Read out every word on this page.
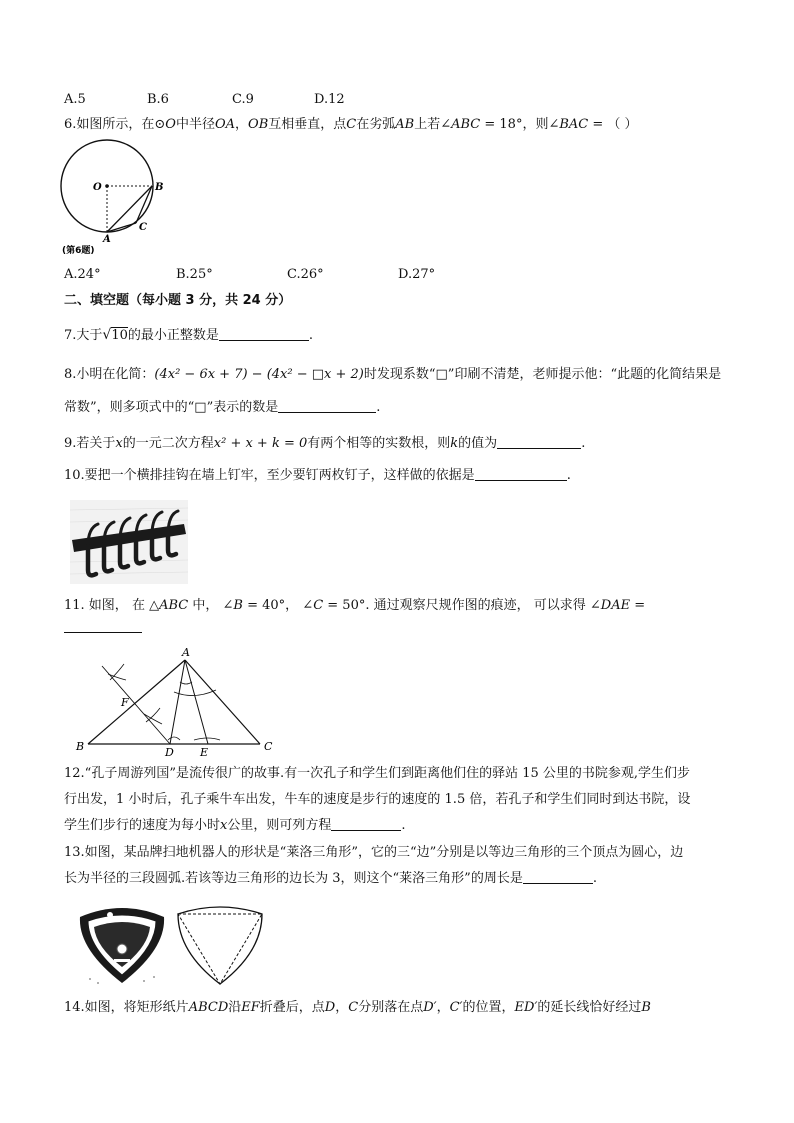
A.5	B.6	C.9	D.12
6.如图所示，在⊙O中半径OA，OB互相垂直，点C在劣弧AB上若∠ABC = 18°，则∠BAC = （ ）
O	B
C
A
(第6题)
A.24°	B.25°	C.26°	D.27°
二、填空题（每小题 3 分，共 24 分）
7.大于√10的最小正整数是	.
8.小明在化简：(4x² − 6x + 7) − (4x² − □x + 2)时发现系数“□”印刷不清楚，老师提示他：“此题的化简结果是
常数”，则多项式中的“□”表示的数是	.
9.若关于x的一元二次方程x² + x + k = 0有两个相等的实数根，则k的值为	.
10.要把一个横排挂钩在墙上钉牢，至少要钉两枚钉子，这样做的依据是	.
11. 如图， 在 △ABC 中， ∠B = 40°， ∠C = 50°. 通过观察尺规作图的痕迹， 可以求得 ∠DAE =
A
B	C
D E
F
12.“孔子周游列国”是流传很广的故事.有一次孔子和学生们到距离他们住的驿站 15 公里的书院参观,学生们步
行出发，1 小时后，孔子乘牛车出发，牛车的速度是步行的速度的 1.5 倍，若孔子和学生们同时到达书院，设
学生们步行的速度为每小时x公里，则可列方程	.
13.如图，某品牌扫地机器人的形状是“莱洛三角形”，它的三“边”分别是以等边三角形的三个顶点为圆心，边
长为半径的三段圆弧.若该等边三角形的边长为 3，则这个“莱洛三角形”的周长是	.
14.如图，将矩形纸片ABCD沿EF折叠后，点D，C分别落在点D′，C′的位置，ED′的延长线恰好经过B
